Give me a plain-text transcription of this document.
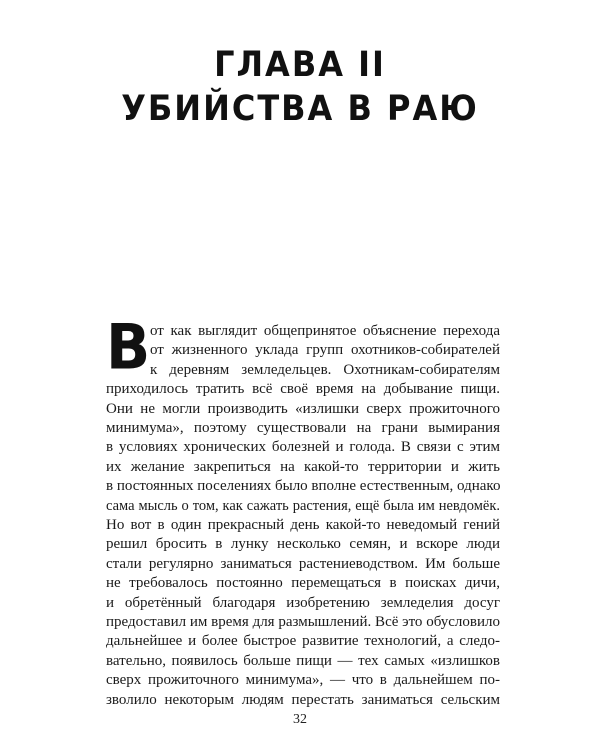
ГЛАВА II
УБИЙСТВА В РАЮ
В от как выглядит общепринятое объяснение перехода
от жизненного уклада групп охотников-собирателей
к деревням земледельцев. Охотникам-собирателям
приходилось тратить всё своё время на добывание пищи.
Они не могли производить «излишки сверх прожиточного
минимума», поэтому существовали на грани вымирания
в условиях хронических болезней и голода. В связи с этим
их желание закрепиться на какой-то территории и жить
в постоянных поселениях было вполне естественным, однако
сама мысль о том, как сажать растения, ещё была им невдомёк.
Но вот в один прекрасный день какой-то неведомый гений
решил бросить в лунку несколько семян, и вскоре люди
стали регулярно заниматься растениеводством. Им больше
не требовалось постоянно перемещаться в поисках дичи,
и обретённый благодаря изобретению земледелия досуг
предоставил им время для размышлений. Всё это обусловило
дальнейшее и более быстрое развитие технологий, а следо-
вательно, появилось больше пищи — тех самых «излишков
сверх прожиточного минимума», — что в дальнейшем по-
зволило некоторым людям перестать заниматься сельским
32
